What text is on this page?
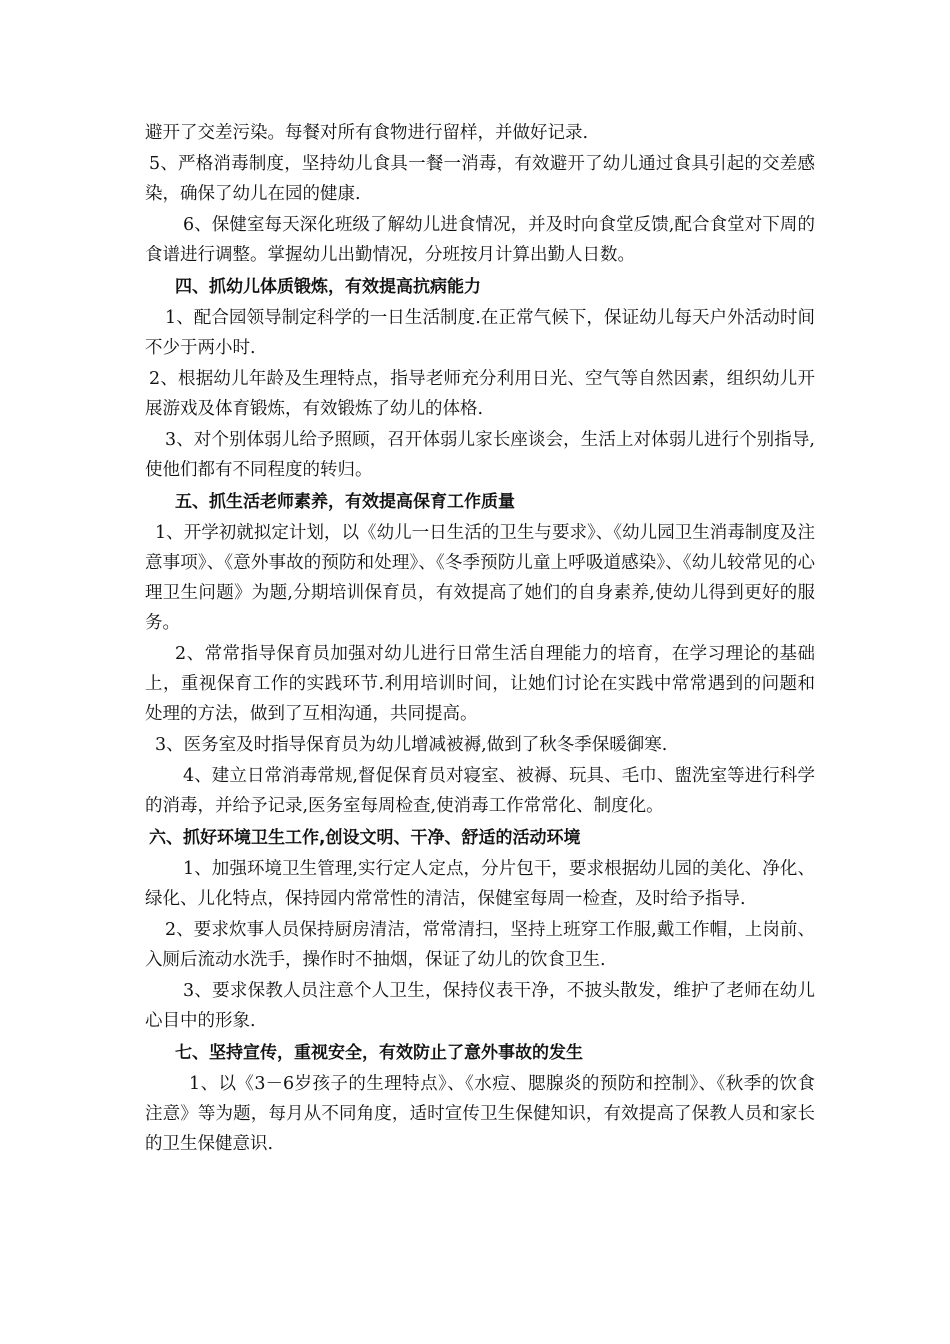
避开了交差污染。每餐对所有食物进行留样，并做好记录.

5、严格消毒制度，坚持幼儿食具一餐一消毒，有效避开了幼儿通过食具引起的交差感染，确保了幼儿在园的健康.

6、保健室每天深化班级了解幼儿进食情况，并及时向食堂反馈,配合食堂对下周的食谱进行调整。掌握幼儿出勤情况，分班按月计算出勤人日数。

四、抓幼儿体质锻炼，有效提高抗病能力

1、配合园领导制定科学的一日生活制度.在正常气候下，保证幼儿每天户外活动时间不少于两小时.

2、根据幼儿年龄及生理特点，指导老师充分利用日光、空气等自然因素，组织幼儿开展游戏及体育锻炼，有效锻炼了幼儿的体格.

3、对个别体弱儿给予照顾，召开体弱儿家长座谈会，生活上对体弱儿进行个别指导,使他们都有不同程度的转归。

五、抓生活老师素养，有效提高保育工作质量

1、开学初就拟定计划，以《幼儿一日生活的卫生与要求》、《幼儿园卫生消毒制度及注意事项》、《意外事故的预防和处理》、《冬季预防儿童上呼吸道感染》、《幼儿较常见的心理卫生问题》为题,分期培训保育员，有效提高了她们的自身素养,使幼儿得到更好的服务。

2、常常指导保育员加强对幼儿进行日常生活自理能力的培育，在学习理论的基础上，重视保育工作的实践环节.利用培训时间，让她们讨论在实践中常常遇到的问题和处理的方法，做到了互相沟通，共同提高。

3、医务室及时指导保育员为幼儿增减被褥,做到了秋冬季保暖御寒.

4、建立日常消毒常规,督促保育员对寝室、被褥、玩具、毛巾、盥洗室等进行科学的消毒，并给予记录,医务室每周检查,使消毒工作常常化、制度化。

六、抓好环境卫生工作,创设文明、干净、舒适的活动环境

1、加强环境卫生管理,实行定人定点，分片包干，要求根据幼儿园的美化、净化、绿化、儿化特点，保持园内常常性的清洁，保健室每周一检查，及时给予指导.

2、要求炊事人员保持厨房清洁，常常清扫，坚持上班穿工作服,戴工作帽，上岗前、入厕后流动水洗手，操作时不抽烟，保证了幼儿的饮食卫生.

3、要求保教人员注意个人卫生，保持仪表干净，不披头散发，维护了老师在幼儿心目中的形象.

七、坚持宣传，重视安全，有效防止了意外事故的发生

1、以《3－6岁孩子的生理特点》、《水痘、腮腺炎的预防和控制》、《秋季的饮食注意》等为题，每月从不同角度，适时宣传卫生保健知识，有效提高了保教人员和家长的卫生保健意识.
